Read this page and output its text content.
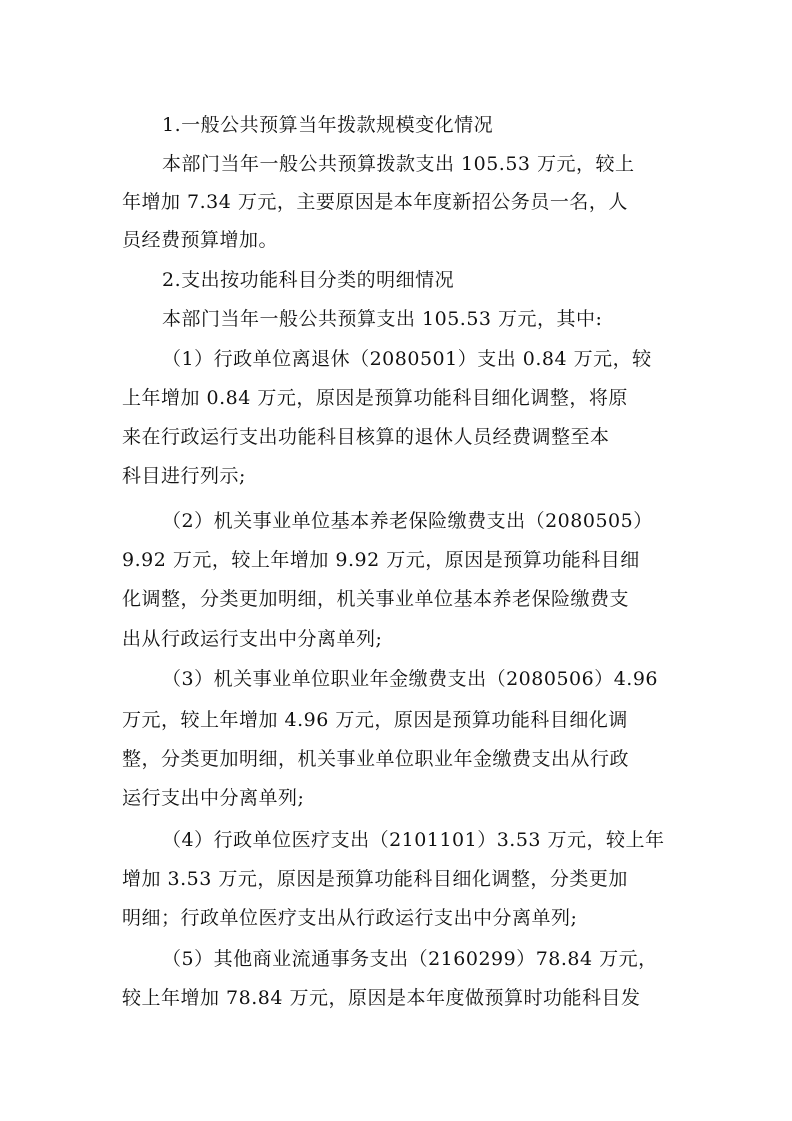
1.一般公共预算当年拨款规模变化情况
本部门当年一般公共预算拨款支出 105.53 万元，较上
年增加 7.34 万元，主要原因是本年度新招公务员一名，人
员经费预算增加。
2.支出按功能科目分类的明细情况
本部门当年一般公共预算支出 105.53 万元，其中:
（1）行政单位离退休（2080501）支出 0.84 万元，较
上年增加 0.84 万元，原因是预算功能科目细化调整，将原
来在行政运行支出功能科目核算的退休人员经费调整至本
科目进行列示;
（2）机关事业单位基本养老保险缴费支出（2080505）
9.92 万元，较上年增加 9.92 万元，原因是预算功能科目细
化调整，分类更加明细，机关事业单位基本养老保险缴费支
出从行政运行支出中分离单列;
（3）机关事业单位职业年金缴费支出（2080506）4.96
万元，较上年增加 4.96 万元，原因是预算功能科目细化调
整，分类更加明细，机关事业单位职业年金缴费支出从行政
运行支出中分离单列;
（4）行政单位医疗支出（2101101）3.53 万元，较上年
增加 3.53 万元，原因是预算功能科目细化调整，分类更加
明细；行政单位医疗支出从行政运行支出中分离单列;
（5）其他商业流通事务支出（2160299）78.84 万元，
较上年增加 78.84 万元，原因是本年度做预算时功能科目发
